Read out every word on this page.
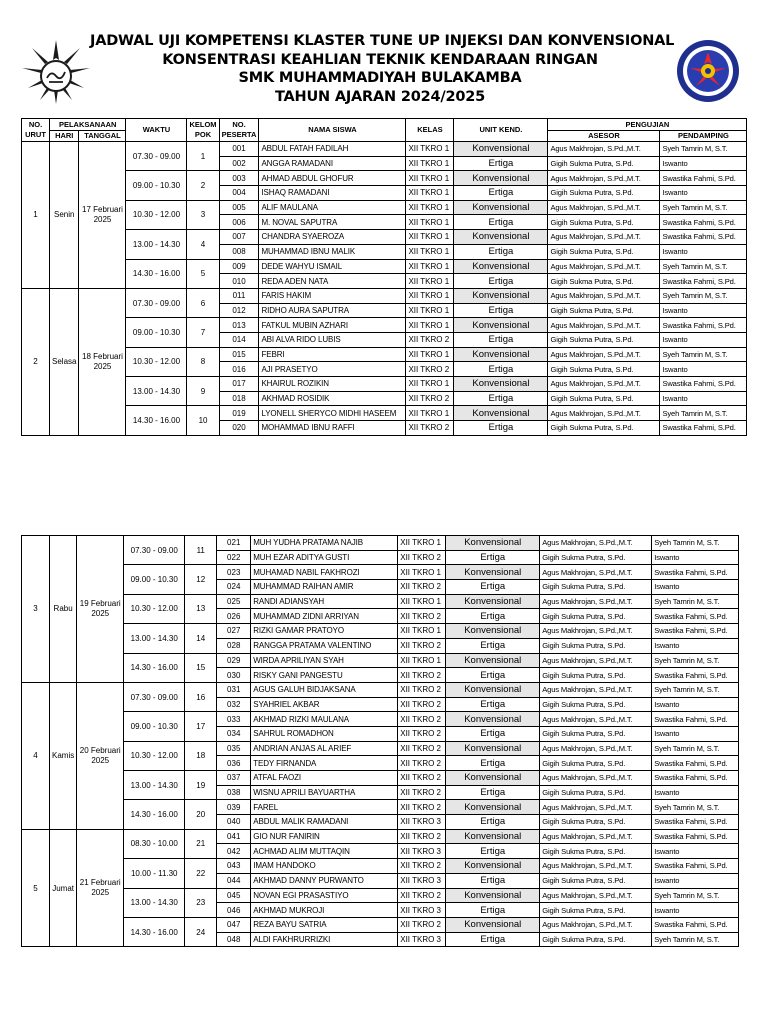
JADWAL UJI KOMPETENSI KLASTER TUNE UP INJEKSI DAN KONVENSIONAL
KONSENTRASI KEAHLIAN TEKNIK KENDARAAN RINGAN
SMK MUHAMMADIYAH BULAKAMBA
TAHUN AJARAN 2024/2025
NO. URUT	PELAKSANAAN		WAKTU	KELOM POK	NO. PESERTA	NAMA SISWA	KELAS	UNIT KEND.	PENGUJIAN	
	HARI	TANGGAL							ASESOR	PENDAMPING
1	Senin	17 Februari 2025	07.30 - 09.00	1	001	ABDUL FATAH FADILAH	XII TKRO 1	Konvensional	Agus Makhrojan, S.Pd.,M.T.	Syeh Tamrin M, S.T.
					002	ANGGA RAMADANI	XII TKRO 1	Ertiga	Gigih Sukma Putra, S.Pd.	Iswanto
			09.00 - 10.30	2	003	AHMAD ABDUL GHOFUR	XII TKRO 1	Konvensional	Agus Makhrojan, S.Pd.,M.T.	Swastika Fahmi, S.Pd.
					004	ISHAQ RAMADANI	XII TKRO 1	Ertiga	Gigih Sukma Putra, S.Pd.	Iswanto
			10.30 - 12.00	3	005	ALIF MAULANA	XII TKRO 1	Konvensional	Agus Makhrojan, S.Pd.,M.T.	Syeh Tamrin M, S.T.
					006	M. NOVAL SAPUTRA	XII TKRO 1	Ertiga	Gigih Sukma Putra, S.Pd.	Swastika Fahmi, S.Pd.
			13.00 - 14.30	4	007	CHANDRA SYAEROZA	XII TKRO 1	Konvensional	Agus Makhrojan, S.Pd.,M.T.	Swastika Fahmi, S.Pd.
					008	MUHAMMAD IBNU MALIK	XII TKRO 1	Ertiga	Gigih Sukma Putra, S.Pd.	Iswanto
			14.30 - 16.00	5	009	DEDE WAHYU ISMAIL	XII TKRO 1	Konvensional	Agus Makhrojan, S.Pd.,M.T.	Syeh Tamrin M, S.T.
					010	REDA ADEN NATA	XII TKRO 1	Ertiga	Gigih Sukma Putra, S.Pd.	Swastika Fahmi, S.Pd.
2	Selasa	18 Februari 2025	07.30 - 09.00	6	011	FARIS HAKIM	XII TKRO 1	Konvensional	Agus Makhrojan, S.Pd.,M.T.	Syeh Tamrin M, S.T.
					012	RIDHO AURA SAPUTRA	XII TKRO 1	Ertiga	Gigih Sukma Putra, S.Pd.	Iswanto
			09.00 - 10.30	7	013	FATKUL MUBIN AZHARI	XII TKRO 1	Konvensional	Agus Makhrojan, S.Pd.,M.T.	Swastika Fahmi, S.Pd.
					014	ABI ALVA RIDO LUBIS	XII TKRO 2	Ertiga	Gigih Sukma Putra, S.Pd.	Iswanto
			10.30 - 12.00	8	015	FEBRI	XII TKRO 1	Konvensional	Agus Makhrojan, S.Pd.,M.T.	Syeh Tamrin M, S.T.
					016	AJI PRASETYO	XII TKRO 2	Ertiga	Gigih Sukma Putra, S.Pd.	Iswanto
			13.00 - 14.30	9	017	KHAIRUL ROZIKIN	XII TKRO 1	Konvensional	Agus Makhrojan, S.Pd.,M.T.	Swastika Fahmi, S.Pd.
					018	AKHMAD ROSIDIK	XII TKRO 2	Ertiga	Gigih Sukma Putra, S.Pd.	Iswanto
			14.30 - 16.00	10	019	LYONELL SHERYCO MIDHI HASEEM	XII TKRO 1	Konvensional	Agus Makhrojan, S.Pd.,M.T.	Syeh Tamrin M, S.T.
					020	MOHAMMAD IBNU RAFFI	XII TKRO 2	Ertiga	Gigih Sukma Putra, S.Pd.	Swastika Fahmi, S.Pd.
3	Rabu	19 Februari 2025	07.30 - 09.00	11	021	MUH YUDHA PRATAMA NAJIB	XII TKRO 1	Konvensional	Agus Makhrojan, S.Pd.,M.T.	Syeh Tamrin M, S.T.
					022	MUH EZAR ADITYA GUSTI	XII TKRO 2	Ertiga	Gigih Sukma Putra, S.Pd.	Iswanto
			09.00 - 10.30	12	023	MUHAMAD NABIL FAKHROZI	XII TKRO 1	Konvensional	Agus Makhrojan, S.Pd.,M.T.	Swastika Fahmi, S.Pd.
					024	MUHAMMAD RAIHAN AMIR	XII TKRO 2	Ertiga	Gigih Sukma Putra, S.Pd.	Iswanto
			10.30 - 12.00	13	025	RANDI ADIANSYAH	XII TKRO 1	Konvensional	Agus Makhrojan, S.Pd.,M.T.	Syeh Tamrin M, S.T.
					026	MUHAMMAD ZIDNI ARRIYAN	XII TKRO 2	Ertiga	Gigih Sukma Putra, S.Pd.	Swastika Fahmi, S.Pd.
			13.00 - 14.30	14	027	RIZKI GAMAR PRATOYO	XII TKRO 1	Konvensional	Agus Makhrojan, S.Pd.,M.T.	Swastika Fahmi, S.Pd.
					028	RANGGA PRATAMA VALENTINO	XII TKRO 2	Ertiga	Gigih Sukma Putra, S.Pd.	Iswanto
			14.30 - 16.00	15	029	WIRDA APRILIYAN SYAH	XII TKRO 1	Konvensional	Agus Makhrojan, S.Pd.,M.T.	Syeh Tamrin M, S.T.
					030	RISKY GANI PANGESTU	XII TKRO 2	Ertiga	Gigih Sukma Putra, S.Pd.	Swastika Fahmi, S.Pd.
4	Kamis	20 Februari 2025	07.30 - 09.00	16	031	AGUS GALUH BIDJAKSANA	XII TKRO 2	Konvensional	Agus Makhrojan, S.Pd.,M.T.	Syeh Tamrin M, S.T.
					032	SYAHRIEL AKBAR	XII TKRO 2	Ertiga	Gigih Sukma Putra, S.Pd.	Iswanto
			09.00 - 10.30	17	033	AKHMAD RIZKI MAULANA	XII TKRO 2	Konvensional	Agus Makhrojan, S.Pd.,M.T.	Swastika Fahmi, S.Pd.
					034	SAHRUL ROMADHON	XII TKRO 2	Ertiga	Gigih Sukma Putra, S.Pd.	Iswanto
			10.30 - 12.00	18	035	ANDRIAN ANJAS AL ARIEF	XII TKRO 2	Konvensional	Agus Makhrojan, S.Pd.,M.T.	Syeh Tamrin M, S.T.
					036	TEDY FIRNANDA	XII TKRO 2	Ertiga	Gigih Sukma Putra, S.Pd.	Swastika Fahmi, S.Pd.
			13.00 - 14.30	19	037	ATFAL FAOZI	XII TKRO 2	Konvensional	Agus Makhrojan, S.Pd.,M.T.	Swastika Fahmi, S.Pd.
					038	WISNU APRILI BAYUARTHA	XII TKRO 2	Ertiga	Gigih Sukma Putra, S.Pd.	Iswanto
			14.30 - 16.00	20	039	FAREL	XII TKRO 2	Konvensional	Agus Makhrojan, S.Pd.,M.T.	Syeh Tamrin M, S.T.
					040	ABDUL MALIK RAMADANI	XII TKRO 3	Ertiga	Gigih Sukma Putra, S.Pd.	Swastika Fahmi, S.Pd.
5	Jumat	21 Februari 2025	08.30 - 10.00	21	041	GIO NUR FANIRIN	XII TKRO 2	Konvensional	Agus Makhrojan, S.Pd.,M.T.	Swastika Fahmi, S.Pd.
					042	ACHMAD ALIM MUTTAQIN	XII TKRO 3	Ertiga	Gigih Sukma Putra, S.Pd.	Iswanto
			10.00 - 11.30	22	043	IMAM HANDOKO	XII TKRO 2	Konvensional	Agus Makhrojan, S.Pd.,M.T.	Swastika Fahmi, S.Pd.
					044	AKHMAD DANNY PURWANTO	XII TKRO 3	Ertiga	Gigih Sukma Putra, S.Pd.	Iswanto
			13.00 - 14.30	23	045	NOVAN EGI PRASASTIYO	XII TKRO 2	Konvensional	Agus Makhrojan, S.Pd.,M.T.	Syeh Tamrin M, S.T.
					046	AKHMAD MUKROJI	XII TKRO 3	Ertiga	Gigih Sukma Putra, S.Pd.	Iswanto
			14.30 - 16.00	24	047	REZA BAYU SATRIA	XII TKRO 2	Konvensional	Agus Makhrojan, S.Pd.,M.T.	Swastika Fahmi, S.Pd.
					048	ALDI FAKHRURRIZKI	XII TKRO 3	Ertiga	Gigih Sukma Putra, S.Pd.	Syeh Tamrin M, S.T.
